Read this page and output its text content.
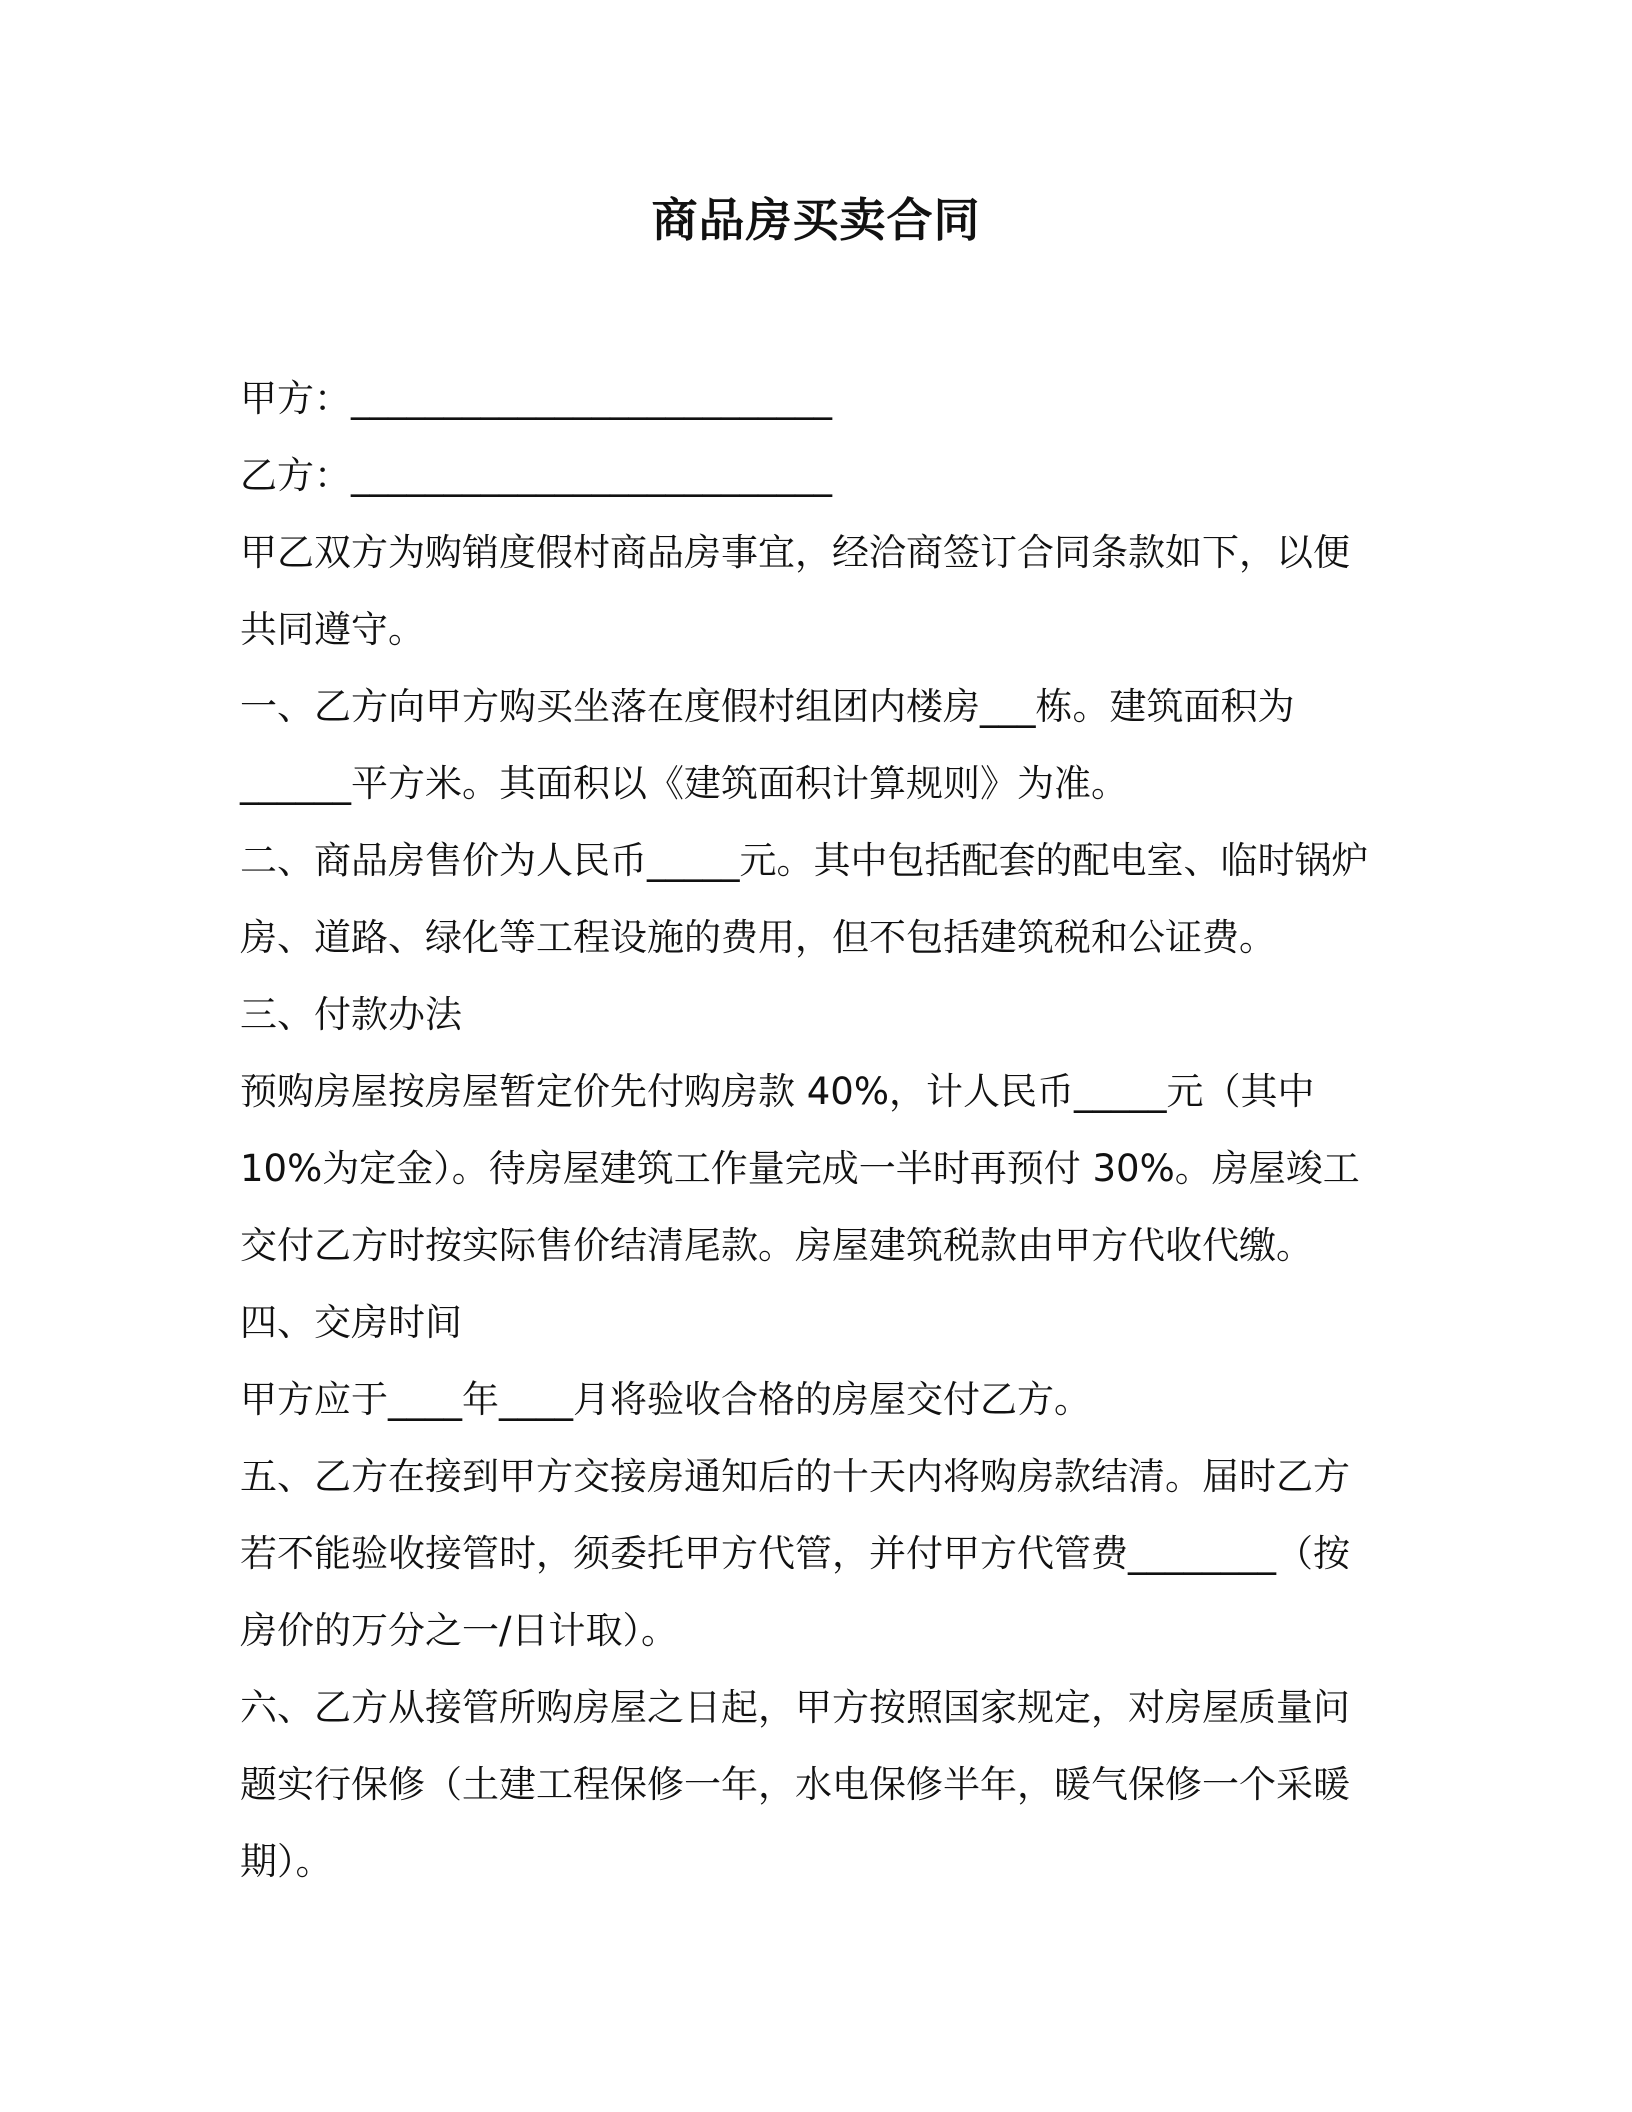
商品房买卖合同
甲方：__________________________
乙方：__________________________
甲乙双方为购销度假村商品房事宜，经洽商签订合同条款如下，以便
共同遵守。
一、乙方向甲方购买坐落在度假村组团内楼房___栋。建筑面积为
______平方米。其面积以《建筑面积计算规则》为准。
二、商品房售价为人民币_____元。其中包括配套的配电室、临时锅炉
房、道路、绿化等工程设施的费用，但不包括建筑税和公证费。
三、付款办法
预购房屋按房屋暂定价先付购房款 40%，计人民币_____元（其中
10%为定金）。待房屋建筑工作量完成一半时再预付 30%。房屋竣工
交付乙方时按实际售价结清尾款。房屋建筑税款由甲方代收代缴。
四、交房时间
甲方应于____年____月将验收合格的房屋交付乙方。
五、乙方在接到甲方交接房通知后的十天内将购房款结清。届时乙方
若不能验收接管时，须委托甲方代管，并付甲方代管费________（按
房价的万分之一/日计取）。
六、乙方从接管所购房屋之日起，甲方按照国家规定，对房屋质量问
题实行保修（土建工程保修一年，水电保修半年，暖气保修一个采暖
期）。
